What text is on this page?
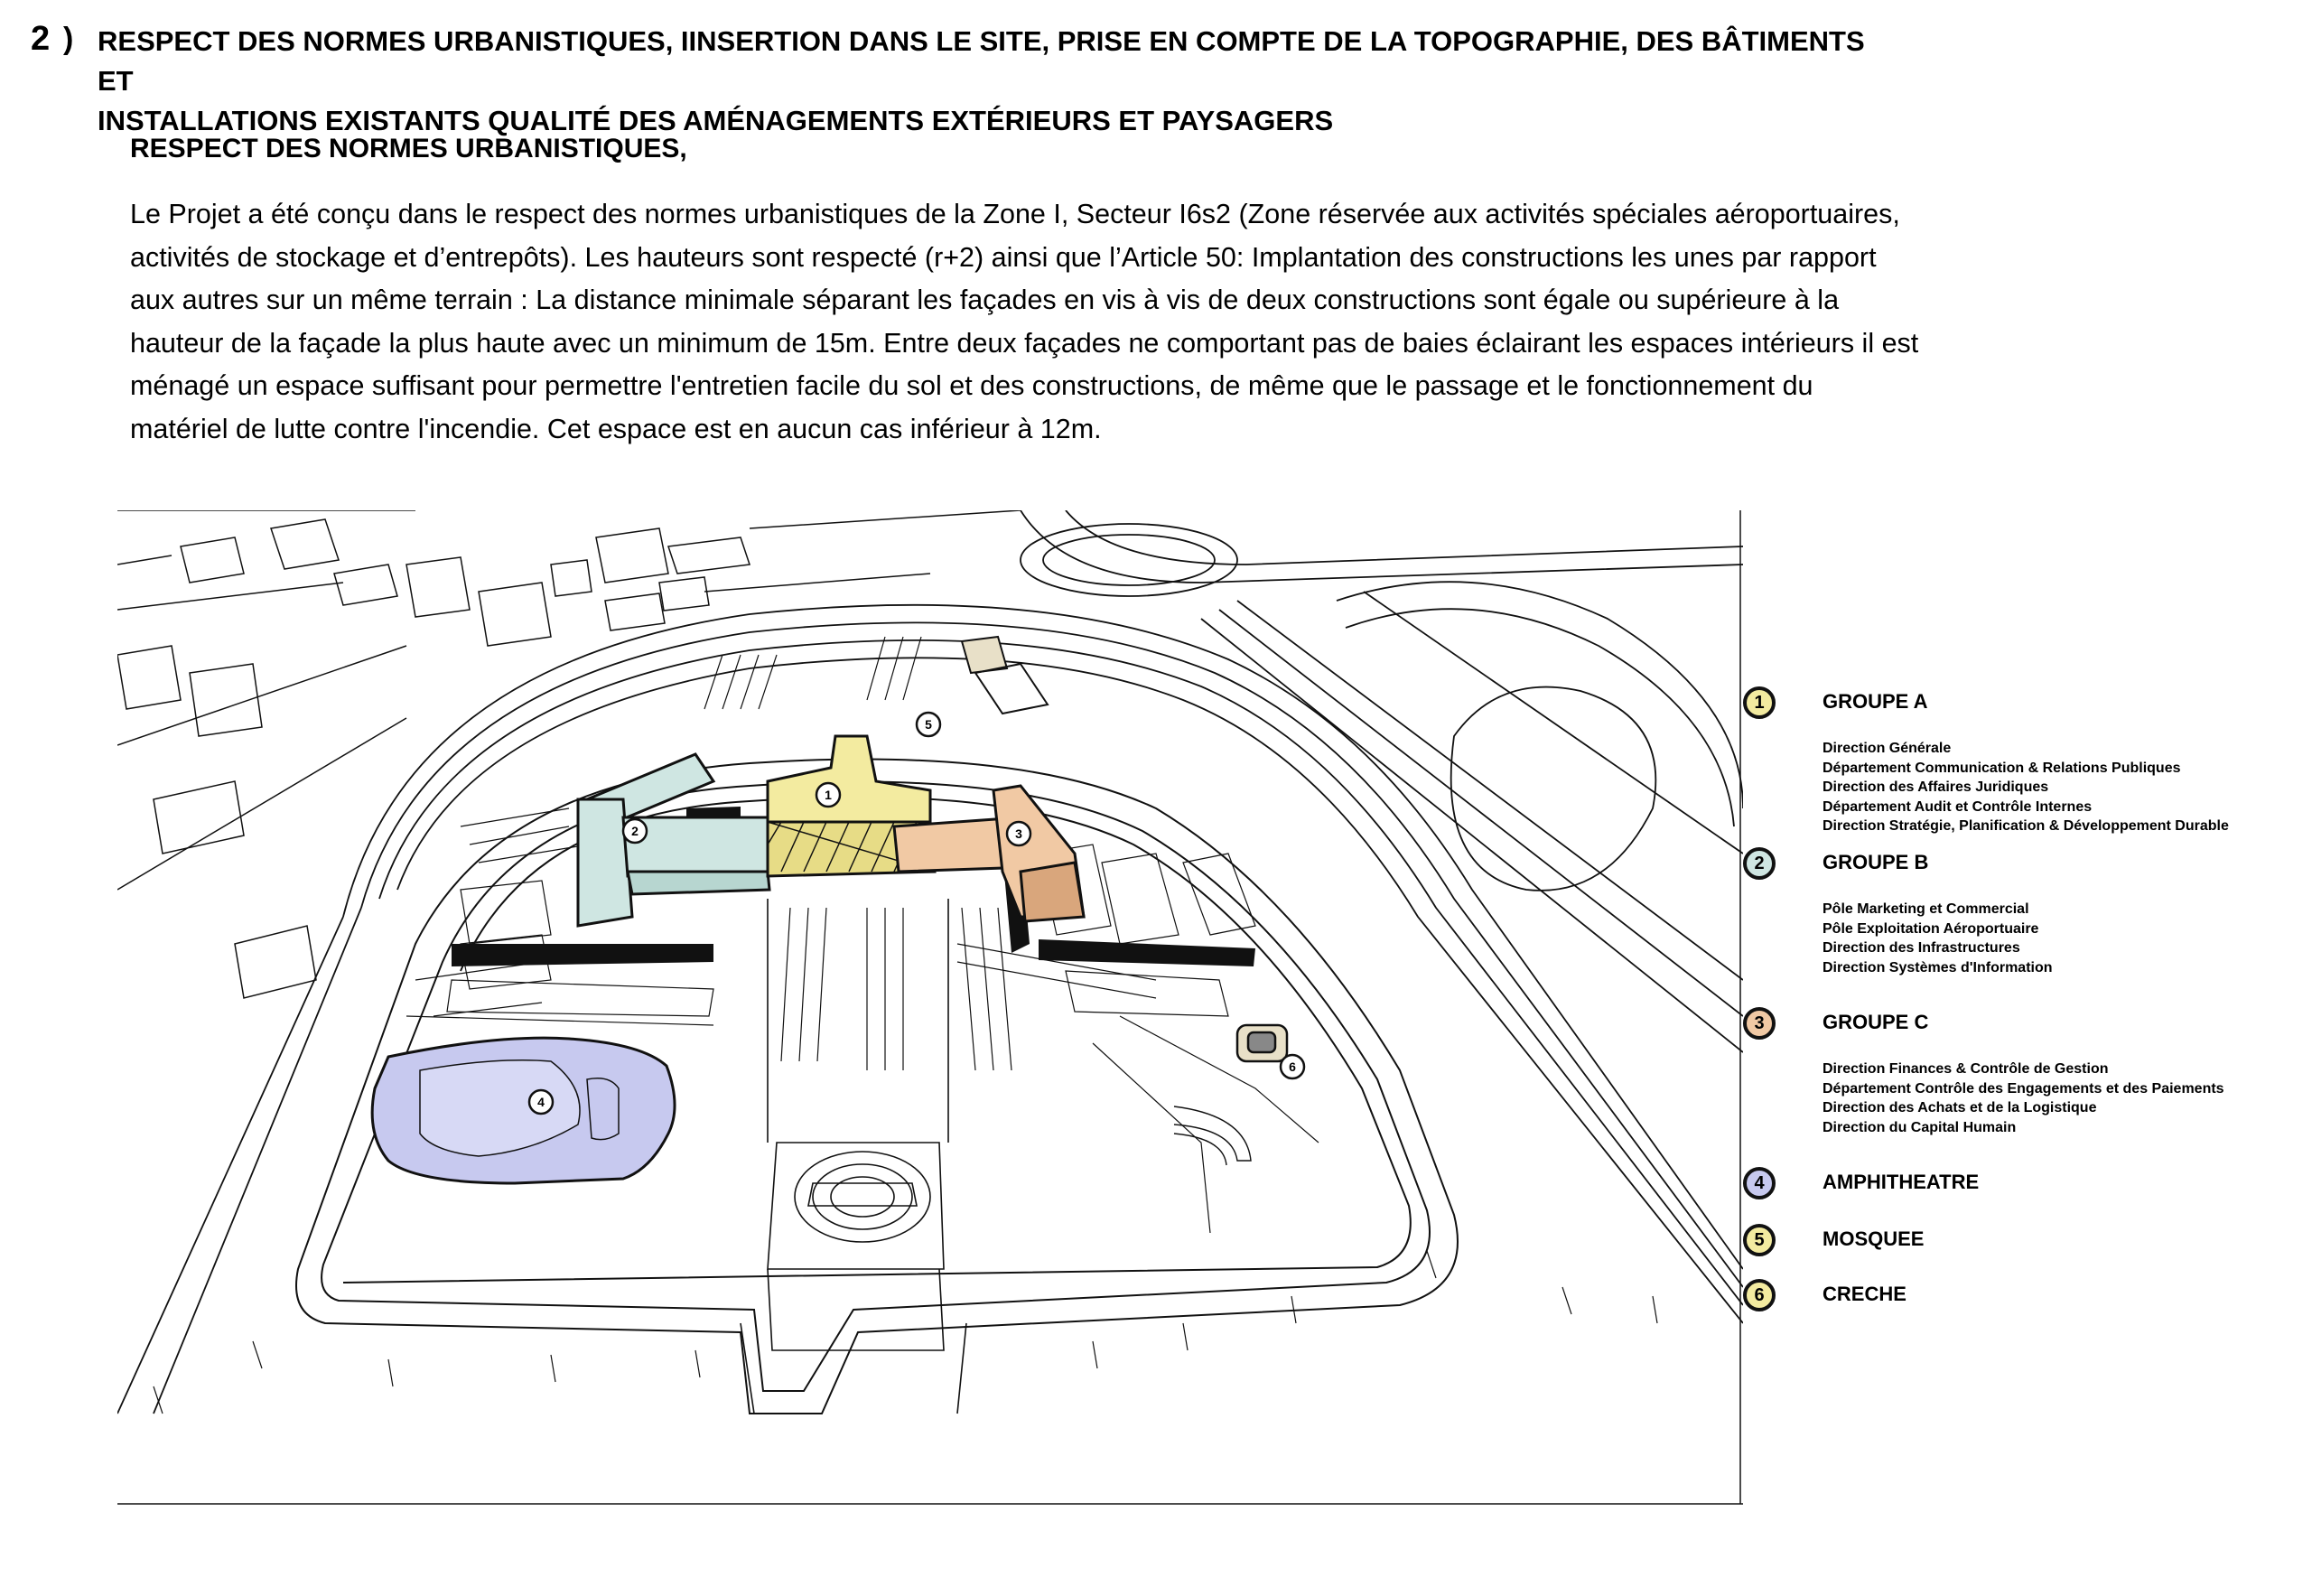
2 ) RESPECT DES NORMES URBANISTIQUES, IINSERTION DANS LE SITE, PRISE EN COMPTE DE LA TOPOGRAPHIE, DES BÂTIMENTS ET
INSTALLATIONS EXISTANTS QUALITÉ DES AMÉNAGEMENTS EXTÉRIEURS ET PAYSAGERS
RESPECT DES NORMES URBANISTIQUES,
Le Projet a été conçu dans le respect des normes urbanistiques de la Zone I, Secteur I6s2 (Zone réservée aux activités spéciales aéroportuaires,
activités de stockage et d’entrepôts). Les hauteurs sont respecté (r+2) ainsi que l’Article 50: Implantation des constructions les unes par rapport
aux autres sur un même terrain : La distance minimale séparant les façades en vis à vis de deux constructions sont égale ou supérieure à la
hauteur de la façade la plus haute avec un minimum de 15m. Entre deux façades ne comportant pas de baies éclairant les espaces intérieurs il est
ménagé un espace suffisant pour permettre l'entretien facile du sol et des constructions, de même que le passage et le fonctionnement du
matériel de lutte contre l'incendie. Cet espace est en aucun cas inférieur à 12m.
1
2	3
4
5
6
1	GROUPE A
Direction Générale
Département Communication & Relations Publiques
Direction des Affaires Juridiques
Département Audit et Contrôle Internes
Direction Stratégie, Planification & Développement Durable
2	GROUPE B
Pôle Marketing et Commercial
Pôle Exploitation Aéroportuaire
Direction des Infrastructures
Direction Systèmes d'Information
3	GROUPE C
Direction Finances & Contrôle de Gestion
Département Contrôle des Engagements et des Paiements
Direction des Achats et de la Logistique
Direction du Capital Humain
4	AMPHITHEATRE
5	MOSQUEE
6	CRECHE
